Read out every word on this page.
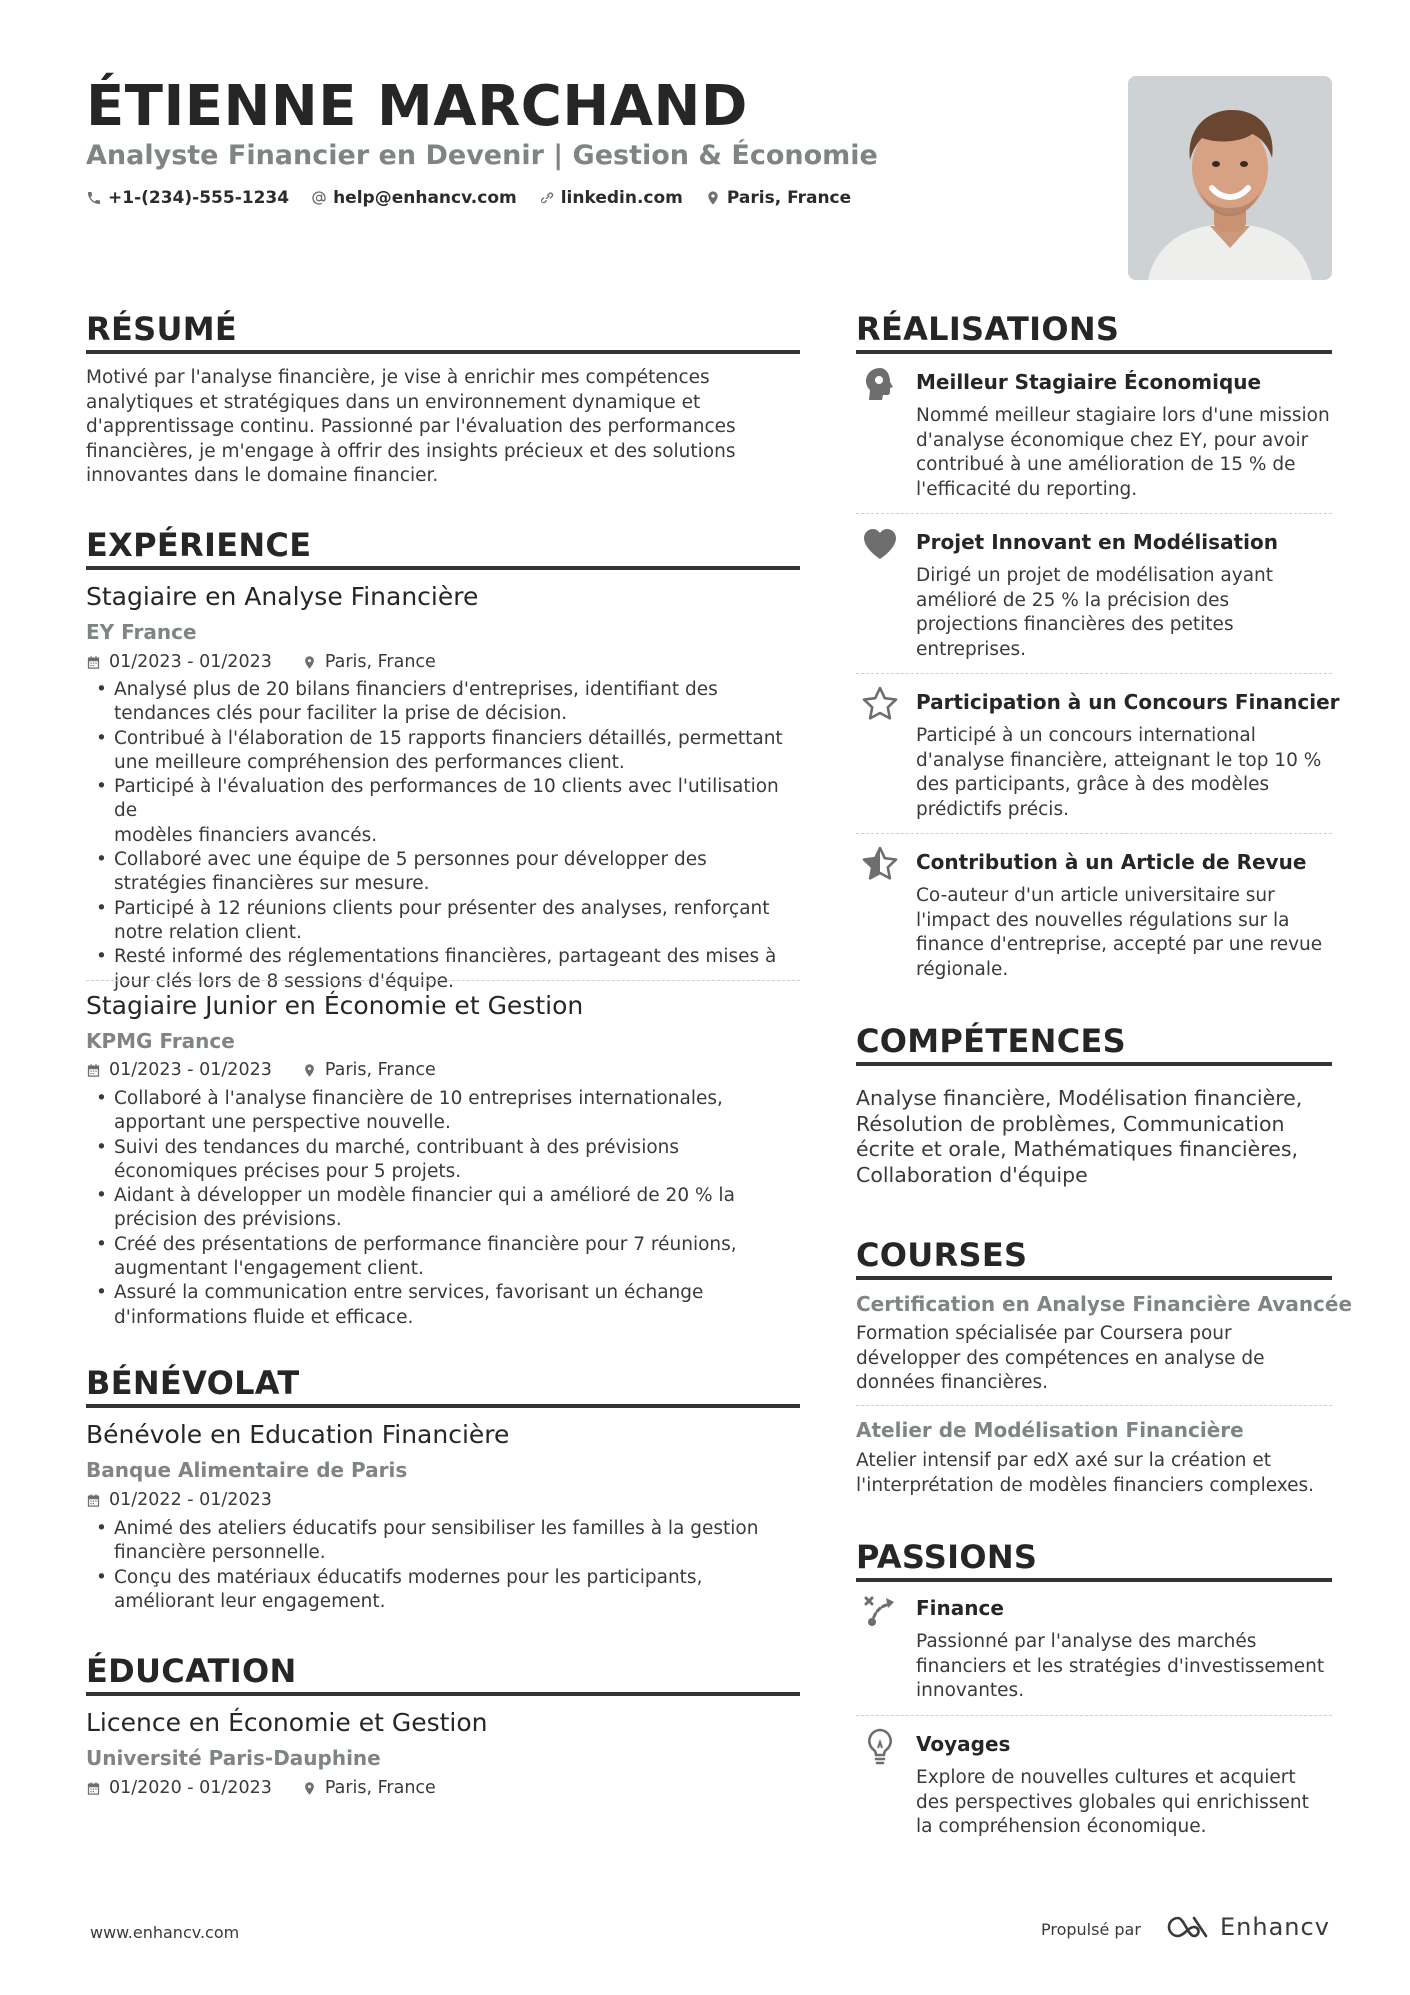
ÉTIENNE MARCHAND
Analyste Financier en Devenir | Gestion & Économie
+1-(234)-555-1234	help@enhancv.com	linkedin.com	Paris, France
RÉSUMÉ
Motivé par l'analyse financière, je vise à enrichir mes compétences
analytiques et stratégiques dans un environnement dynamique et
d'apprentissage continu. Passionné par l'évaluation des performances
financières, je m'engage à offrir des insights précieux et des solutions
innovantes dans le domaine financier.
EXPÉRIENCE
Stagiaire en Analyse Financière
EY France
01/2023 - 01/2023	Paris, France
• Analysé plus de 20 bilans financiers d'entreprises, identifiant des
tendances clés pour faciliter la prise de décision.
• Contribué à l'élaboration de 15 rapports financiers détaillés, permettant
une meilleure compréhension des performances client.
• Participé à l'évaluation des performances de 10 clients avec l'utilisation de
modèles financiers avancés.
• Collaboré avec une équipe de 5 personnes pour développer des
stratégies financières sur mesure.
• Participé à 12 réunions clients pour présenter des analyses, renforçant
notre relation client.
• Resté informé des réglementations financières, partageant des mises à
jour clés lors de 8 sessions d'équipe.
Stagiaire Junior en Économie et Gestion
KPMG France
01/2023 - 01/2023	Paris, France
• Collaboré à l'analyse financière de 10 entreprises internationales,
apportant une perspective nouvelle.
• Suivi des tendances du marché, contribuant à des prévisions
économiques précises pour 5 projets.
• Aidant à développer un modèle financier qui a amélioré de 20 % la
précision des prévisions.
• Créé des présentations de performance financière pour 7 réunions,
augmentant l'engagement client.
• Assuré la communication entre services, favorisant un échange
d'informations fluide et efficace.
BÉNÉVOLAT
Bénévole en Education Financière
Banque Alimentaire de Paris
01/2022 - 01/2023
• Animé des ateliers éducatifs pour sensibiliser les familles à la gestion
financière personnelle.
• Conçu des matériaux éducatifs modernes pour les participants,
améliorant leur engagement.
ÉDUCATION
Licence en Économie et Gestion
Université Paris-Dauphine
01/2020 - 01/2023	Paris, France
RÉALISATIONS
Meilleur Stagiaire Économique
Nommé meilleur stagiaire lors d'une mission
d'analyse économique chez EY, pour avoir
contribué à une amélioration de 15 % de
l'efficacité du reporting.
Projet Innovant en Modélisation
Dirigé un projet de modélisation ayant
amélioré de 25 % la précision des
projections financières des petites
entreprises.
Participation à un Concours Financier
Participé à un concours international
d'analyse financière, atteignant le top 10 %
des participants, grâce à des modèles
prédictifs précis.
Contribution à un Article de Revue
Co-auteur d'un article universitaire sur
l'impact des nouvelles régulations sur la
finance d'entreprise, accepté par une revue
régionale.
COMPÉTENCES
Analyse financière, Modélisation financière,
Résolution de problèmes, Communication
écrite et orale, Mathématiques financières,
Collaboration d'équipe
COURSES
Certification en Analyse Financière Avancée
Formation spécialisée par Coursera pour
développer des compétences en analyse de
données financières.
Atelier de Modélisation Financière
Atelier intensif par edX axé sur la création et
l'interprétation de modèles financiers complexes.
PASSIONS
Finance
Passionné par l'analyse des marchés
financiers et les stratégies d'investissement
innovantes.
Voyages
Explore de nouvelles cultures et acquiert
des perspectives globales qui enrichissent
la compréhension économique.
www.enhancv.com	Propulsé par	Enhancv
